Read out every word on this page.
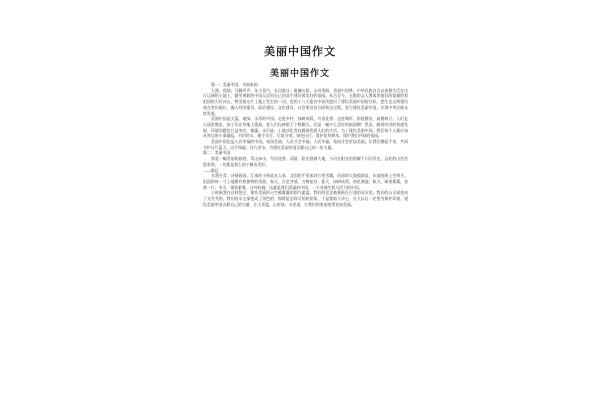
美丽中国作文
美丽中国作文

篇一：美丽中国，幸福家园

大漠，孤烟，马蹄声声，年少意气，长河落日；斑斓五彩，山河秀丽，美丽中国梦。中华民族自古以来便生活在这片辽阔的土地上，勤劳勇敢的中国人民用自己的双手建设着美好的家园。从古至今，无数的文人墨客用他们的笔描绘着祖国的大好河山，赞美着这片土地上发生的一切。党的十八大报告中首次提出了建设美丽中国的目标，把生态文明建设放在突出地位，融入经济建设、政治建设、文化建设、社会建设各方面和全过程，努力建设美丽中国，实现中华民族永续发展。

美丽中国是天蓝、地绿、水净的中国。走进乡村，绿树成荫，鸟语花香；走进城市，街道整洁，高楼林立。人们在公园里散步，孩子们在草地上嬉戏，老人们在树荫下下棋聊天。这是一幅多么美好的画面啊！然而，随着经济的快速发展，环境问题也日益突出，雾霾、水污染、土地沙化等问题困扰着人们的生活。为了建设美丽中国，我们每个人都应该从身边的小事做起，节约用水，随手关灯，垃圾分类，绿色出行，爱护花草树木，保护我们共同的家园。

美丽中国也是人民幸福的中国。家园美丽，人民才会幸福；人民幸福，家园才会更加美丽。让我们携起手来，共同守护这片蓝天，这片绿地，这片净水，为建设美丽中国贡献自己的一份力量。

篇二：美丽中国

那是一幅美丽的画卷，青山绿水，鸟语花香。清晨，阳光洒满大地，小河在阳光的照耀下闪闪发光，远处的山峦若隐若现，一切都是那么的宁静而美好。

——题记

水墨丹青，诗情画意。江南的小桥流水人家，北国的千里冰封万里雪飘，西部的大漠孤烟直，东部的海上生明月。祖国的每一寸土地都有着独特的美丽。春天，百花齐放，万物复苏；夏天，绿树成荫，荷花满池；秋天，硕果累累，金黄一片；冬天，银装素裹，分外妖娆。这就是我们美丽的中国，一个充满生机与活力的中国。

小时候我在这样想过，那些美丽的天空被雾霾的烟气遮盖，我们的恶念被刻画在污浊的河水里。我们的山全部变成了光秃秃的，我们的水全部变成了黑色的，那将是怎样可怕的景象。于是我暗下决心，长大以后一定要为保护环境、建设美丽中国贡献自己的力量，让天更蓝，山更绿，水更清，让我们的家园变得更加美丽。
